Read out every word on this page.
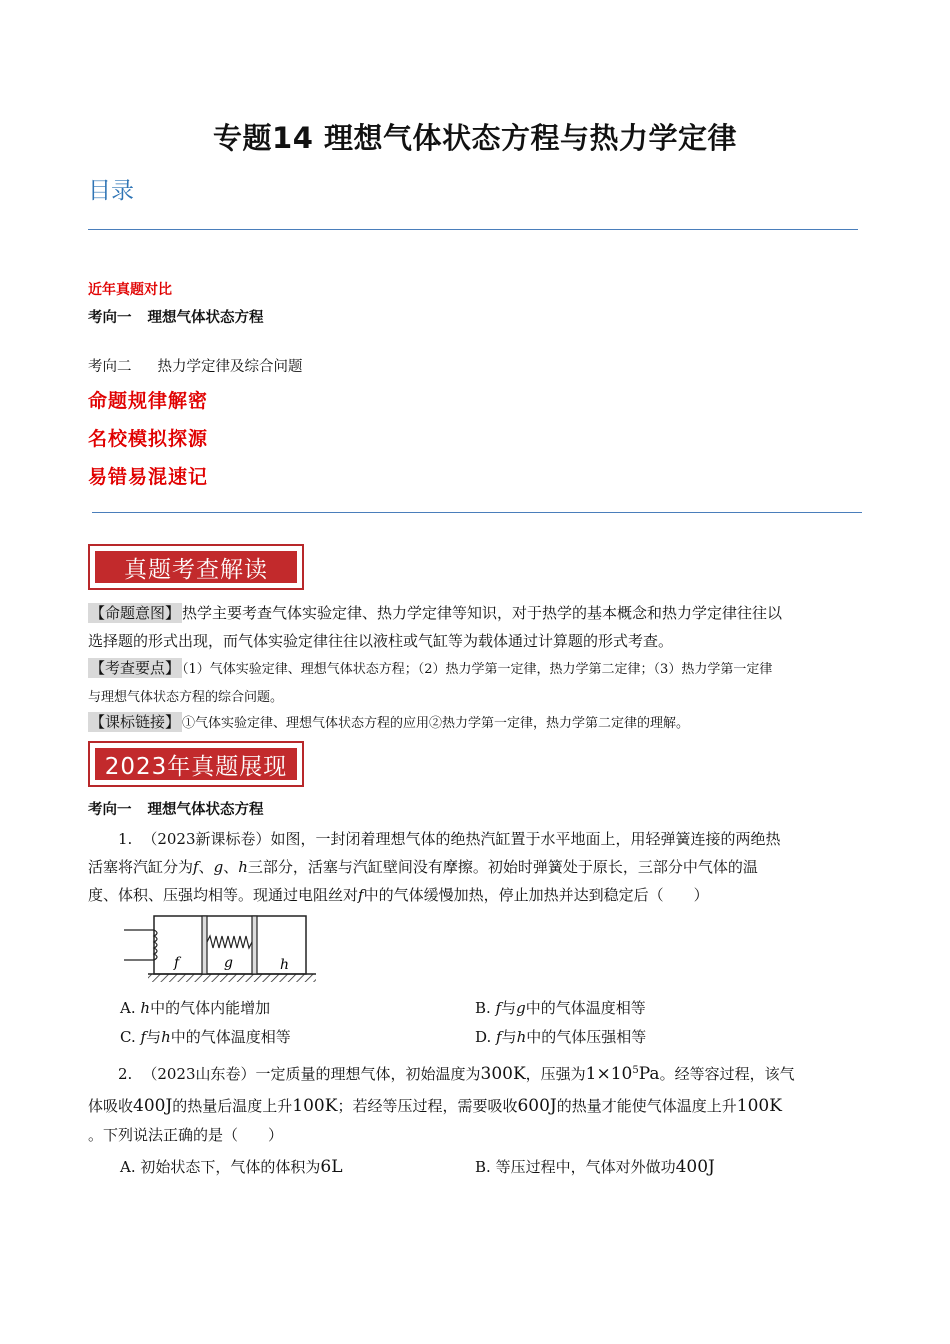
专题14 理想气体状态方程与热力学定律
目录
近年真题对比
考向一 理想气体状态方程
考向二 热力学定律及综合问题
命题规律解密
名校模拟探源
易错易混速记
真题考查解读
【命题意图】 热学主要考查气体实验定律、热力学定律等知识，对于热学的基本概念和热力学定律往往以
选择题的形式出现，而气体实验定律往往以液柱或气缸等为载体通过计算题的形式考查。
【考查要点】 （1）气体实验定律、理想气体状态方程；（2）热力学第一定律，热力学第二定律；（3）热力学第一定律
与理想气体状态方程的综合问题。
【课标链接】 ①气体实验定律、理想气体状态方程的应用②热力学第一定律，热力学第二定律的理解。
2023年真题展现
考向一 理想气体状态方程
1. （2023新课标卷）如图，一封闭着理想气体的绝热汽缸置于水平地面上，用轻弹簧连接的两绝热
活塞将汽缸分为f、g、h三部分，活塞与汽缸壁间没有摩擦。初始时弹簧处于原长，三部分中气体的温
度、体积、压强均相等。现通过电阻丝对f中的气体缓慢加热，停止加热并达到稳定后（　　）
f	g	h
A. h中的气体内能增加	B. f与g中的气体温度相等
C. f与h中的气体温度相等	D. f与h中的气体压强相等
2. （2023山东卷）一定质量的理想气体，初始温度为300K，压强为$1\times 10^5Pa$。经等容过程，该气
体吸收400J的热量后温度上升100K；若经等压过程，需要吸收600J的热量才能使气体温度上升100K
。下列说法正确的是（　　）
A. 初始状态下，气体的体积为6L	B. 等压过程中，气体对外做功400J
